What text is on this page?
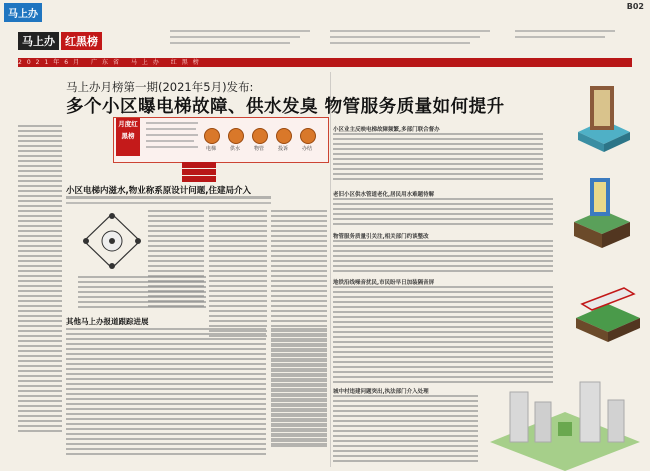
马上办
B02
马上办 红黑榜
2021年6月 广东省 马上办 红黑榜
马上办月榜第一期(2021年5月)发布:
多个小区曝电梯故障、供水发臭 物管服务质量如何提升
月度红黑榜
电梯	供水	物管	投诉	办结
小区电梯内滋水,物业称系原设计问题,住建局介入
其他马上办报道跟踪进展
小区业主反映电梯故障频繁,多部门联合督办
老旧小区供水管道老化,居民用水难题待解
物管服务质量引关注,相关部门约谈整改
地铁沿线噪音扰民,市民盼早日加装隔音屏
城中村违建问题突出,执法部门介入处理
